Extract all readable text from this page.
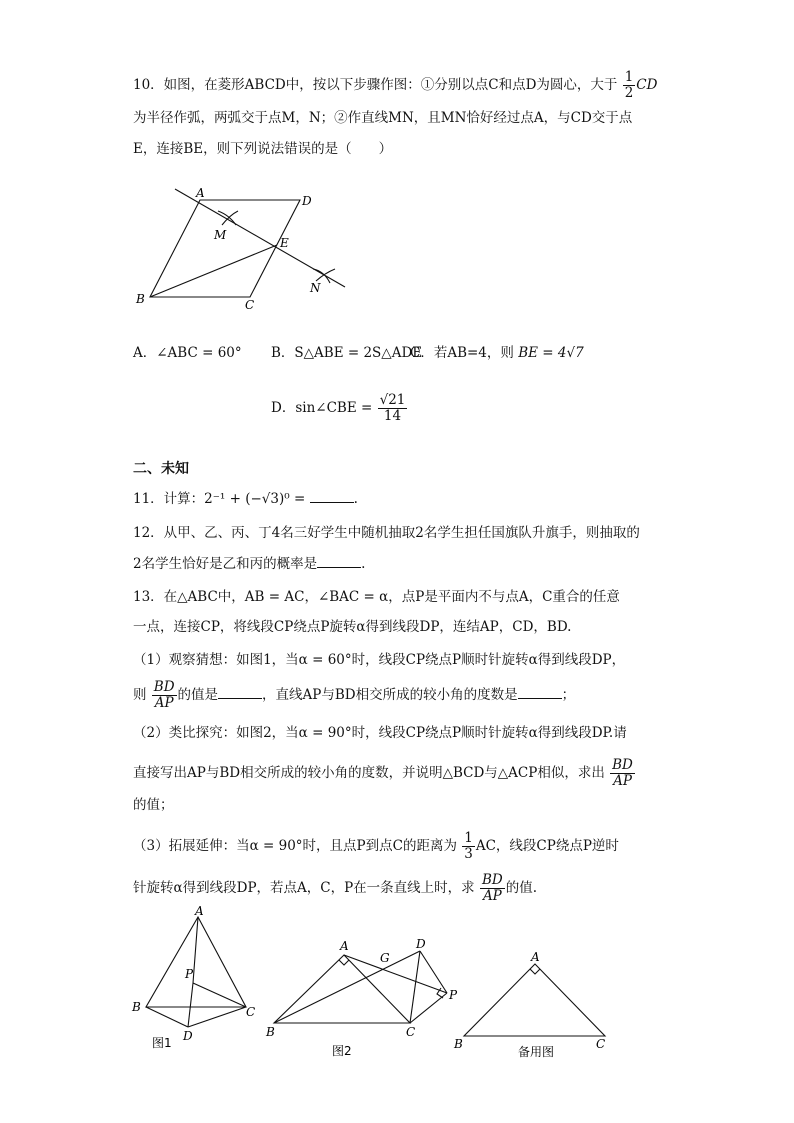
10．如图，在菱形ABCD中，按以下步骤作图：①分别以点C和点D为圆心，大于 $\frac{1}{2}$ CD
为半径作弧，两弧交于点M，N；②作直线MN，且MN恰好经过点A，与CD交于点
E，连接BE，则下列说法错误的是（　　）
A
D
M
E
N
B	C
A．∠ABC = 60° B．S△ABE = 2S△ADE
C．若AB=4，则 BE = 4√7
D．sin∠CBE = $\frac{√21}{14}$
二、未知
11．计算：2⁻¹ + (−√3)⁰ =	.
12．从甲、乙、丙、丁4名三好学生中随机抽取2名学生担任国旗队升旗手，则抽取的
2名学生恰好是乙和丙的概率是	.
13．在△ABC中，AB = AC，∠BAC = α，点P是平面内不与点A，C重合的任意
一点，连接CP，将线段CP绕点P旋转α得到线段DP，连结AP，CD，BD.
（1）观察猜想：如图1，当α = 60°时，线段CP绕点P顺时针旋转α得到线段DP，
则 $\frac{BD}{AP}$ 的值是	，直线AP与BD相交所成的较小角的度数是	；
（2）类比探究：如图2，当α = 90°时，线段CP绕点P顺时针旋转α得到线段DP.请
直接写出AP与BD相交所成的较小角的度数，并说明△BCD与△ACP相似，求出 $\frac{BD}{AP}$
的值；
（3）拓展延伸：当α = 90°时，且点P到点C的距离为 $\frac{1}{3}$ AC，线段CP绕点P逆时
针旋转α得到线段DP，若点A，C，P在一条直线上时，求 $\frac{BD}{AP}$ 的值.
A
P
B	C
D
图1
A
G
D
P
B	C
图2
A
B	C
备用图
